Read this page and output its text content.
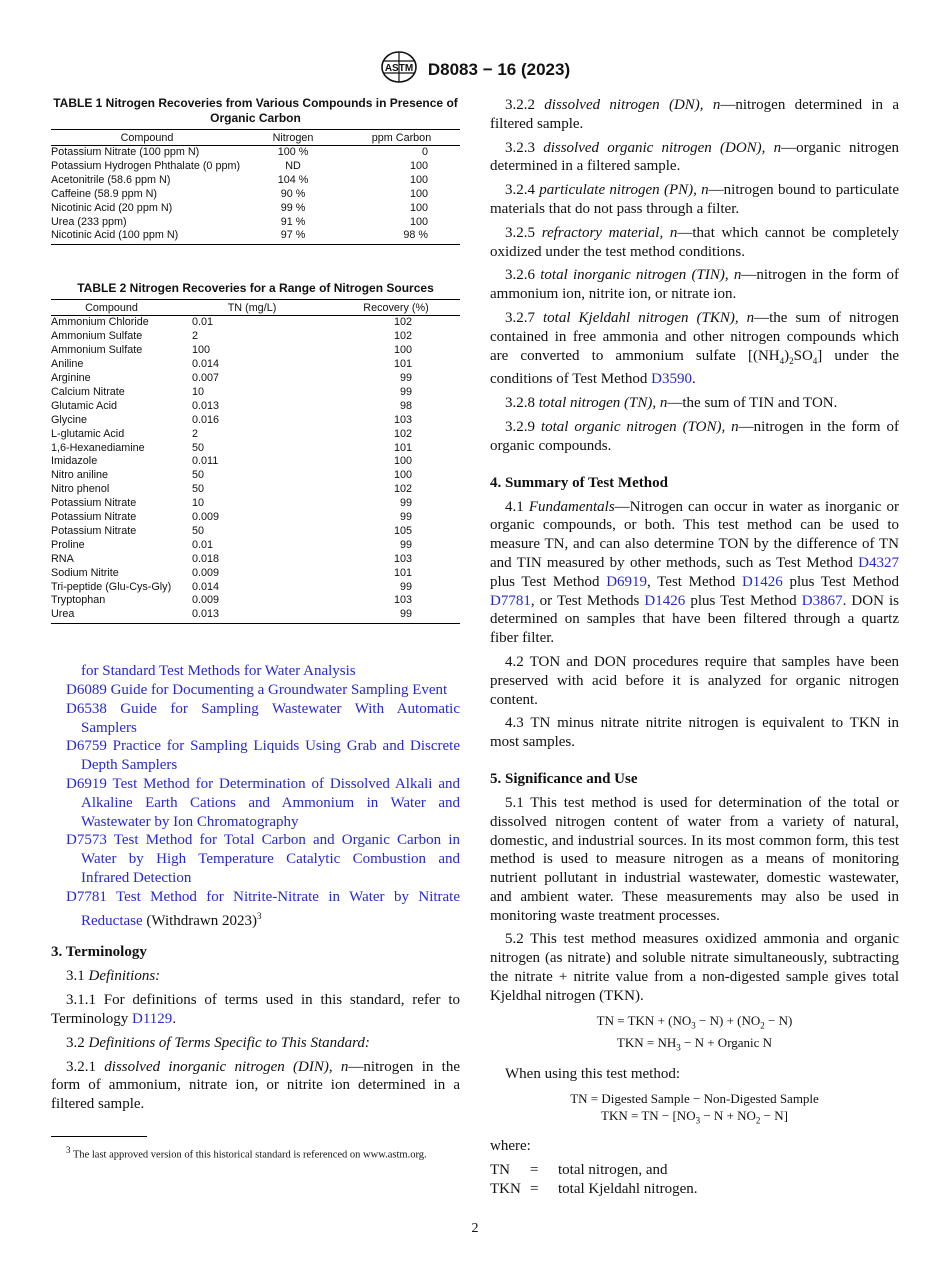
ASTM D8083 − 16 (2023)
TABLE 1 Nitrogen Recoveries from Various Compounds in Presence of Organic Carbon
Compound	Nitrogen	ppm Carbon
Potassium Nitrate (100 ppm N)	100 %	0
Potassium Hydrogen Phthalate (0 ppm)	ND	100
Acetonitrile (58.6 ppm N)	104 %	100
Caffeine (58.9 ppm N)	90 %	100
Nicotinic Acid (20 ppm N)	99 %	100
Urea (233 ppm)	91 %	100
Nicotinic Acid (100 ppm N)	97 %	98 %
TABLE 2 Nitrogen Recoveries for a Range of Nitrogen Sources
Compound	TN (mg/L)	Recovery (%)
Ammonium Chloride	0.01	102
Ammonium Sulfate	2	102
Ammonium Sulfate	100	100
Aniline	0.014	101
Arginine	0.007	99
Calcium Nitrate	10	99
Glutamic Acid	0.013	98
Glycine	0.016	103
L-glutamic Acid	2	102
1,6-Hexanediamine	50	101
Imidazole	0.011	100
Nitro aniline	50	100
Nitro phenol	50	102
Potassium Nitrate	10	99
Potassium Nitrate	0.009	99
Potassium Nitrate	50	105
Proline	0.01	99
RNA	0.018	103
Sodium Nitrite	0.009	101
Tri-peptide (Glu-Cys-Gly)	0.014	99
Tryptophan	0.009	103
Urea	0.013	99
for Standard Test Methods for Water Analysis
D6089 Guide for Documenting a Groundwater Sampling Event
D6538 Guide for Sampling Wastewater With Automatic Samplers
D6759 Practice for Sampling Liquids Using Grab and Discrete Depth Samplers
D6919 Test Method for Determination of Dissolved Alkali and Alkaline Earth Cations and Ammonium in Water and Wastewater by Ion Chromatography
D7573 Test Method for Total Carbon and Organic Carbon in Water by High Temperature Catalytic Combustion and Infrared Detection
D7781 Test Method for Nitrite-Nitrate in Water by Nitrate Reductase (Withdrawn 2023)$^3$
3. Terminology

3.1 Definitions:

3.1.1 For definitions of terms used in this standard, refer to Terminology D1129.

3.2 Definitions of Terms Specific to This Standard:

3.2.1 dissolved inorganic nitrogen (DIN), n—nitrogen in the form of ammonium, nitrate ion, or nitrite ion determined in a filtered sample.

$^3$ The last approved version of this historical standard is referenced on www.astm.org.

3.2.2 dissolved nitrogen (DN), n—nitrogen determined in a filtered sample.

3.2.3 dissolved organic nitrogen (DON), n—organic nitrogen determined in a filtered sample.

3.2.4 particulate nitrogen (PN), n—nitrogen bound to particulate materials that do not pass through a filter.

3.2.5 refractory material, n—that which cannot be completely oxidized under the test method conditions.

3.2.6 total inorganic nitrogen (TIN), n—nitrogen in the form of ammonium ion, nitrite ion, or nitrate ion.

3.2.7 total Kjeldahl nitrogen (TKN), n—the sum of nitrogen contained in free ammonia and other nitrogen compounds which are converted to ammonium sulfate $[(NH_4)_2SO_4]$ under the conditions of Test Method D3590.

3.2.8 total nitrogen (TN), n—the sum of TIN and TON.

3.2.9 total organic nitrogen (TON), n—nitrogen in the form of organic compounds.

4. Summary of Test Method

4.1 Fundamentals—Nitrogen can occur in water as inorganic or organic compounds, or both. This test method can be used to measure TN, and can also determine TON by the difference of TN and TIN measured by other methods, such as Test Method D4327 plus Test Method D6919, Test Method D1426 plus Test Method D7781, or Test Methods D1426 plus Test Method D3867. DON is determined on samples that have been filtered through a quartz fiber filter.

4.2 TON and DON procedures require that samples have been preserved with acid before it is analyzed for organic nitrogen content.

4.3 TN minus nitrate nitrite nitrogen is equivalent to TKN in most samples.

5. Significance and Use

5.1 This test method is used for determination of the total or dissolved nitrogen content of water from a variety of natural, domestic, and industrial sources. In its most common form, this test method is used to measure nitrogen as a means of monitoring nutrient pollutant in industrial wastewater, domestic wastewater, and ambient water. These measurements may also be used in monitoring waste treatment processes.

5.2 This test method measures oxidized ammonia and organic nitrogen (as nitrate) and soluble nitrate simultaneously, subtracting the nitrate + nitrite value from a non-digested sample gives total Kjeldhal nitrogen (TKN).

TN = TKN + $(NO_3 - N) + (NO_2 - N)$
TKN = $NH_3 - N$ + Organic N

When using this test method:

TN = Digested Sample − Non-Digested Sample
TKN = TN − $[NO_3 - N + NO_2 - N]$

where:

TN	=	total nitrogen, and
TKN	=	total Kjeldahl nitrogen.
2
